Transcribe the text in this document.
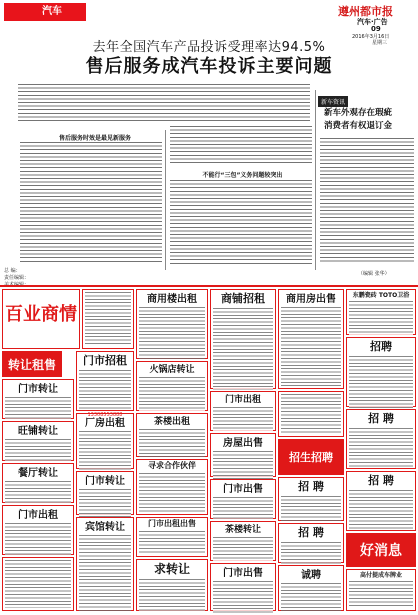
汽车	遵州都市报
汽车·广告
09
2016年3月16日
星期三
去年全国汽车产品投诉受理率达94.5%
售后服务成汽车投诉主要问题
售后服务时效是最见新服务
不能行“三包”义务问题较突出
新车资讯
新车外观存在瑕疵
消费者有权退订金
总 编：
责任编辑：
美术编辑：
（编辑 张华）
百业商情
转让租售
门市转让
旺铺转让
餐厅转让
门市出租
门市招租
13308553888
厂房出租
门市转让
宾馆转让
商用楼出租
火锅店转让
茶楼出租
寻求合作伙伴
门市出租出售
求转让
商铺招租
门市出租
房屋出售
门市出售
茶楼转让
门市出售
商用房出售
招生招聘
招 聘
招 聘
诚聘
东鹏瓷砖 TOTO卫浴
招聘
招 聘
招 聘
好消息
高付提成车牌业
